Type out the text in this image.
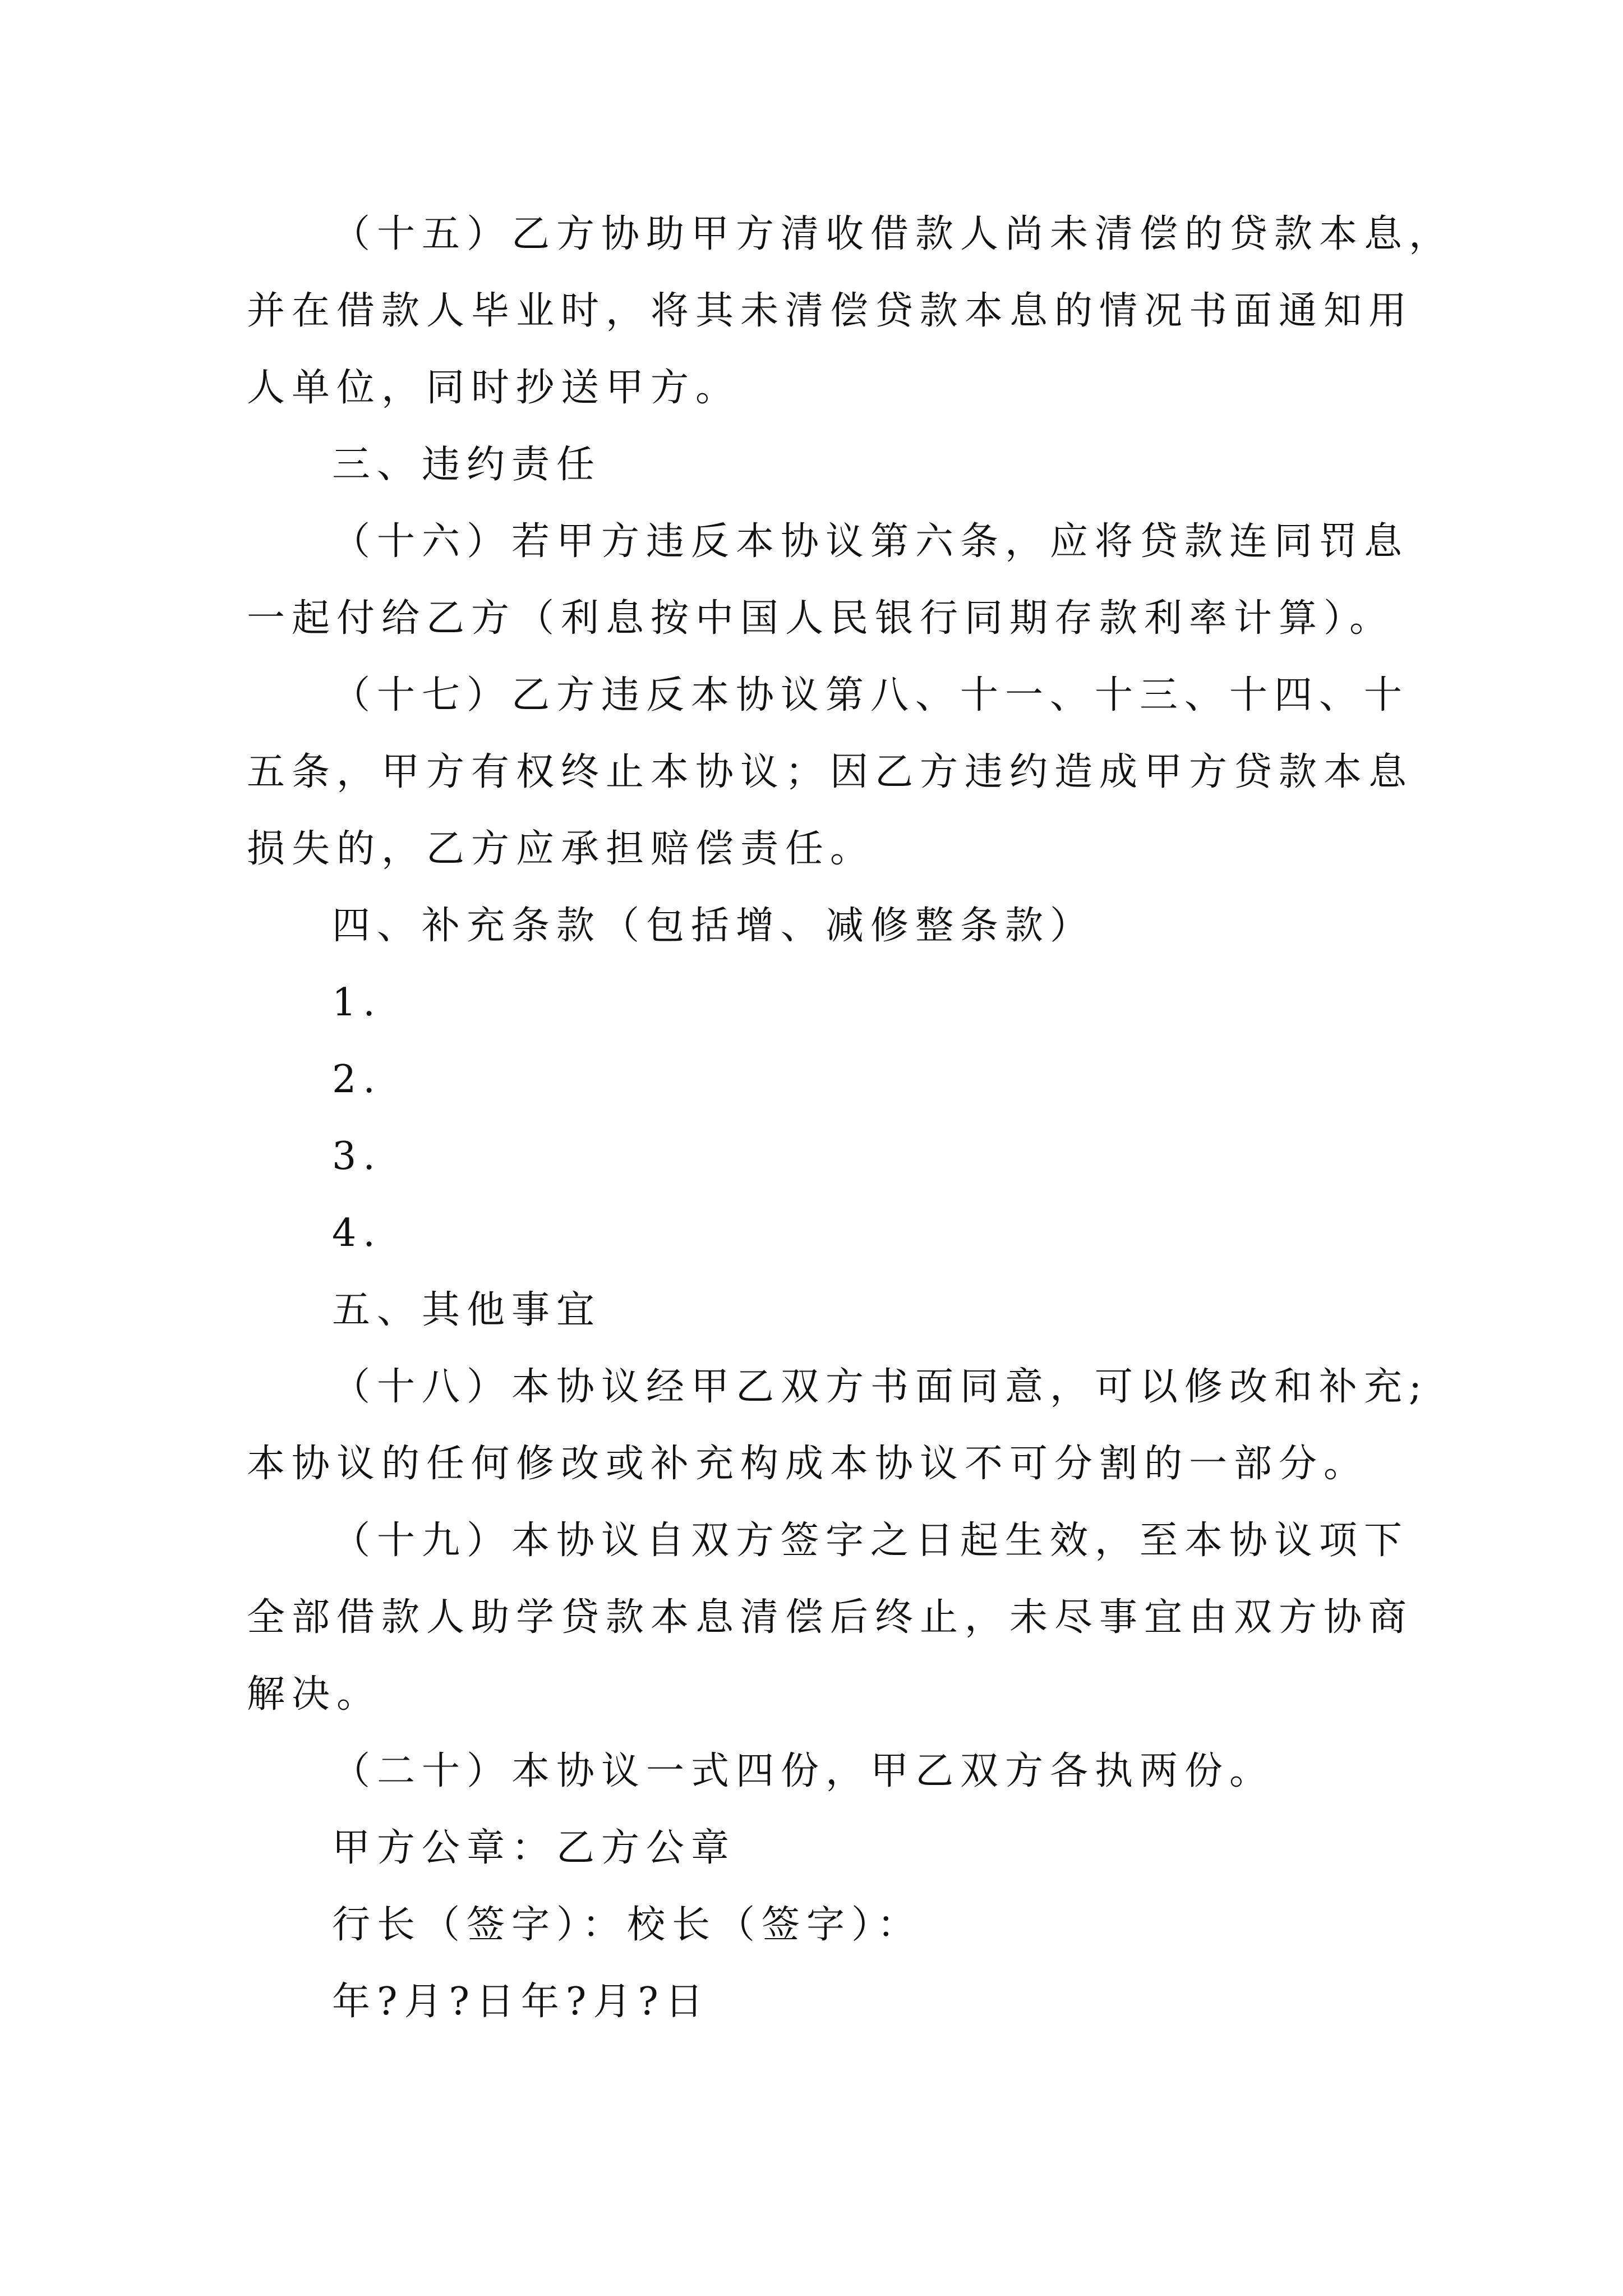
（十五）乙方协助甲方清收借款人尚未清偿的贷款本息，
并在借款人毕业时，将其未清偿贷款本息的情况书面通知用
人单位，同时抄送甲方。
三、违约责任
（十六）若甲方违反本协议第六条，应将贷款连同罚息
一起付给乙方（利息按中国人民银行同期存款利率计算）。
（十七）乙方违反本协议第八、十一、十三、十四、十
五条，甲方有权终止本协议；因乙方违约造成甲方贷款本息
损失的，乙方应承担赔偿责任。
四、补充条款（包括增、减修整条款）
1.
2.
3.
4.
五、其他事宜
（十八）本协议经甲乙双方书面同意，可以修改和补充;
本协议的任何修改或补充构成本协议不可分割的一部分。
（十九）本协议自双方签字之日起生效，至本协议项下
全部借款人助学贷款本息清偿后终止，未尽事宜由双方协商
解决。
（二十）本协议一式四份，甲乙双方各执两份。
甲方公章：乙方公章
行长（签字）：校长（签字）：
年?月?日年?月?日
